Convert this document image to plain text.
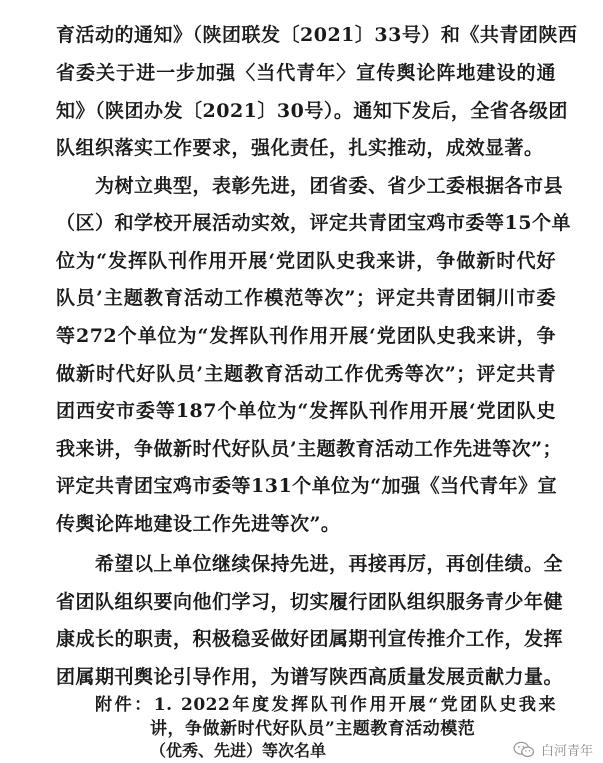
育活动的通知》（陕团联发〔2021〕33号）和《共青团陕西
省委关于进一步加强〈当代青年〉宣传舆论阵地建设的通
知》（陕团办发〔2021〕30号）。通知下发后，全省各级团
队组织落实工作要求，强化责任，扎实推动，成效显著。
为树立典型，表彰先进，团省委、省少工委根据各市县
（区）和学校开展活动实效，评定共青团宝鸡市委等15个单
位为“发挥队刊作用开展‘党团队史我来讲，争做新时代好
队员’主题教育活动工作模范等次”；评定共青团铜川市委
等272个单位为“发挥队刊作用开展‘党团队史我来讲，争
做新时代好队员’主题教育活动工作优秀等次”；评定共青
团西安市委等187个单位为“发挥队刊作用开展‘党团队史
我来讲，争做新时代好队员’主题教育活动工作先进等次”；
评定共青团宝鸡市委等131个单位为“加强《当代青年》宣
传舆论阵地建设工作先进等次”。
希望以上单位继续保持先进，再接再厉，再创佳绩。全
省团队组织要向他们学习，切实履行团队组织服务青少年健
康成长的职责，积极稳妥做好团属期刊宣传推介工作，发挥
团属期刊舆论引导作用，为谱写陕西高质量发展贡献力量。
附件：1. 2022年度发挥队刊作用开展“党团队史我来
讲，争做新时代好队员”主题教育活动模范
白河青年
（优秀、先进）等次名单
